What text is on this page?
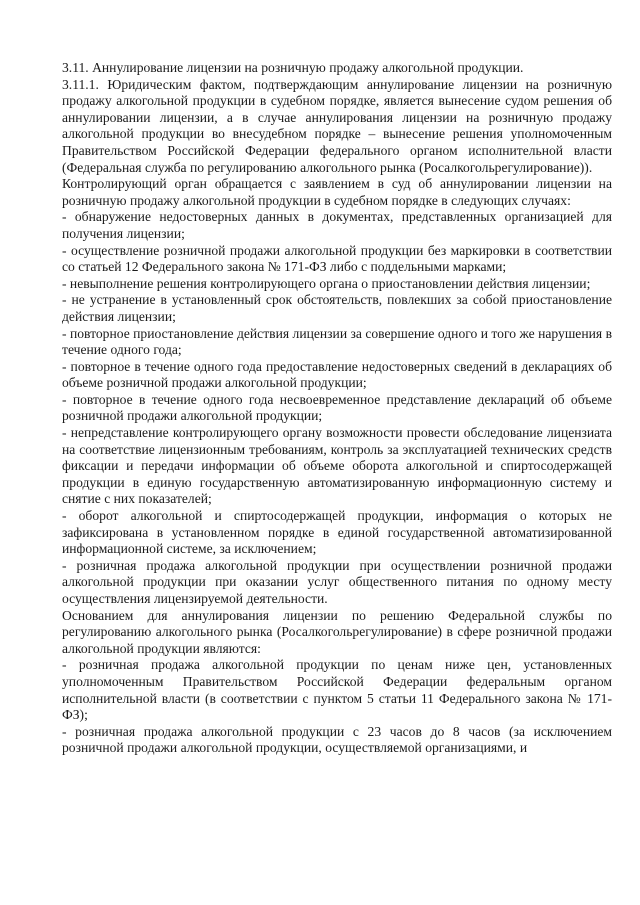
3.11. Аннулирование лицензии на розничную продажу алкогольной продукции.

3.11.1. Юридическим фактом, подтверждающим аннулирование лицензии на розничную продажу алкогольной продукции в судебном порядке, является вынесение судом решения об аннулировании лицензии, а в случае аннулирования лицензии на розничную продажу алкогольной продукции во внесудебном порядке – вынесение решения уполномоченным Правительством Российской Федерации федерального органом исполнительной власти (Федеральная служба по регулированию алкогольного рынка (Росалкогольрегулирование)).

Контролирующий орган обращается с заявлением в суд об аннулировании лицензии на розничную продажу алкогольной продукции в судебном порядке в следующих случаях:

- обнаружение недостоверных данных в документах, представленных организацией для получения лицензии;

- осуществление розничной продажи алкогольной продукции без маркировки в соответствии со статьей 12 Федерального закона № 171-ФЗ либо с поддельными марками;

- невыполнение решения контролирующего органа о приостановлении действия лицензии;

- не устранение в установленный срок обстоятельств, повлекших за собой приостановление действия лицензии;

- повторное приостановление действия лицензии за совершение одного и того же нарушения в течение одного года;

- повторное в течение одного года предоставление недостоверных сведений в декларациях об объеме розничной продажи алкогольной продукции;

- повторное в течение одного года несвоевременное представление деклараций об объеме розничной продажи алкогольной продукции;

- непредставление контролирующего органу возможности провести обследование лицензиата на соответствие лицензионным требованиям, контроль за эксплуатацией технических средств фиксации и передачи информации об объеме оборота алкогольной и спиртосодержащей продукции в единую государственную автоматизированную информационную систему и снятие с них показателей;

- оборот алкогольной и спиртосодержащей продукции, информация о которых не зафиксирована в установленном порядке в единой государственной автоматизированной информационной системе, за исключением;

- розничная продажа алкогольной продукции при осуществлении розничной продажи алкогольной продукции при оказании услуг общественного питания по одному месту осуществления лицензируемой деятельности.

Основанием для аннулирования лицензии по решению Федеральной службы по регулированию алкогольного рынка (Росалкогольрегулирование) в сфере розничной продажи алкогольной продукции являются:

- розничная продажа алкогольной продукции по ценам ниже цен, установленных уполномоченным Правительством Российской Федерации федеральным органом исполнительной власти (в соответствии с пунктом 5 статьи 11 Федерального закона № 171-ФЗ);

- розничная продажа алкогольной продукции с 23 часов до 8 часов (за исключением розничной продажи алкогольной продукции, осуществляемой организациями, и
